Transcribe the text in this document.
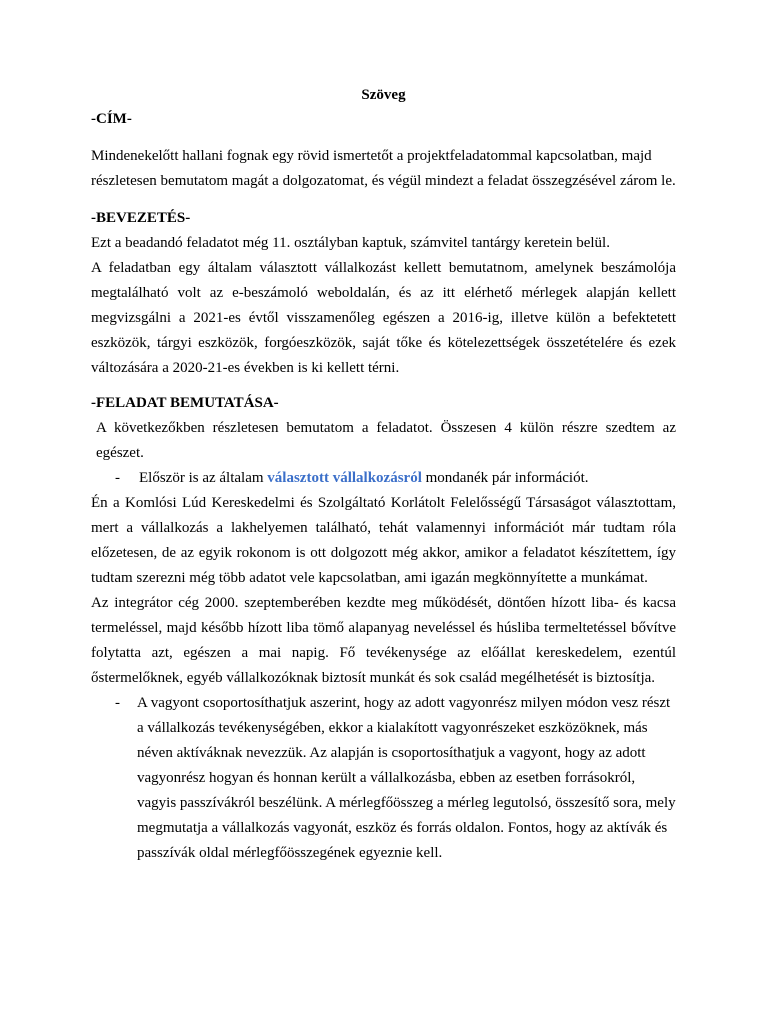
Szöveg

-CÍM-

Mindenekelőtt hallani fognak egy rövid ismertetőt a projektfeladatommal kapcsolatban, majd részletesen bemutatom magát a dolgozatomat, és végül mindezt a feladat összegzésével zárom le.

-BEVEZETÉS-

Ezt a beadandó feladatot még 11. osztályban kaptuk, számvitel tantárgy keretein belül.

A feladatban egy általam választott vállalkozást kellett bemutatnom, amelynek beszámolója megtalálható volt az e-beszámoló weboldalán, és az itt elérhető mérlegek alapján kellett megvizsgálni a 2021-es évtől visszamenőleg egészen a 2016-ig, illetve külön a befektetett eszközök, tárgyi eszközök, forgóeszközök, saját tőke és kötelezettségek összetételére és ezek változására a 2020-21-es években is ki kellett térni.

-FELADAT BEMUTATÁSA-

A következőkben részletesen bemutatom a feladatot. Összesen 4 külön részre szedtem az egészet.

-	Először is az általam választott vállalkozásról mondanék pár információt.

Én a Komlósi Lúd Kereskedelmi és Szolgáltató Korlátolt Felelősségű Társaságot választottam, mert a vállalkozás a lakhelyemen található, tehát valamennyi információt már tudtam róla előzetesen, de az egyik rokonom is ott dolgozott még akkor, amikor a feladatot készítettem, így tudtam szerezni még több adatot vele kapcsolatban, ami igazán megkönnyítette a munkámat.

Az integrátor cég 2000. szeptemberében kezdte meg működését, döntően hízott liba- és kacsa termeléssel, majd később hízott liba tömő alapanyag neveléssel és húsliba termeltetéssel bővítve folytatta azt, egészen a mai napig. Fő tevékenysége az előállat kereskedelem, ezentúl őstermelőknek, egyéb vállalkozóknak biztosít munkát és sok család megélhetését is biztosítja.

-	A vagyont csoportosíthatjuk aszerint, hogy az adott vagyonrész milyen módon vesz részt a vállalkozás tevékenységében, ekkor a kialakított vagyonrészeket eszközöknek, más néven aktíváknak nevezzük. Az alapján is csoportosíthatjuk a vagyont, hogy az adott vagyonrész hogyan és honnan került a vállalkozásba, ebben az esetben forrásokról, vagyis passzívákról beszélünk. A mérlegfőösszeg a mérleg legutolsó, összesítő sora, mely megmutatja a vállalkozás vagyonát, eszköz és forrás oldalon. Fontos, hogy az aktívák és passzívák oldal mérlegfőösszegének egyeznie kell.
